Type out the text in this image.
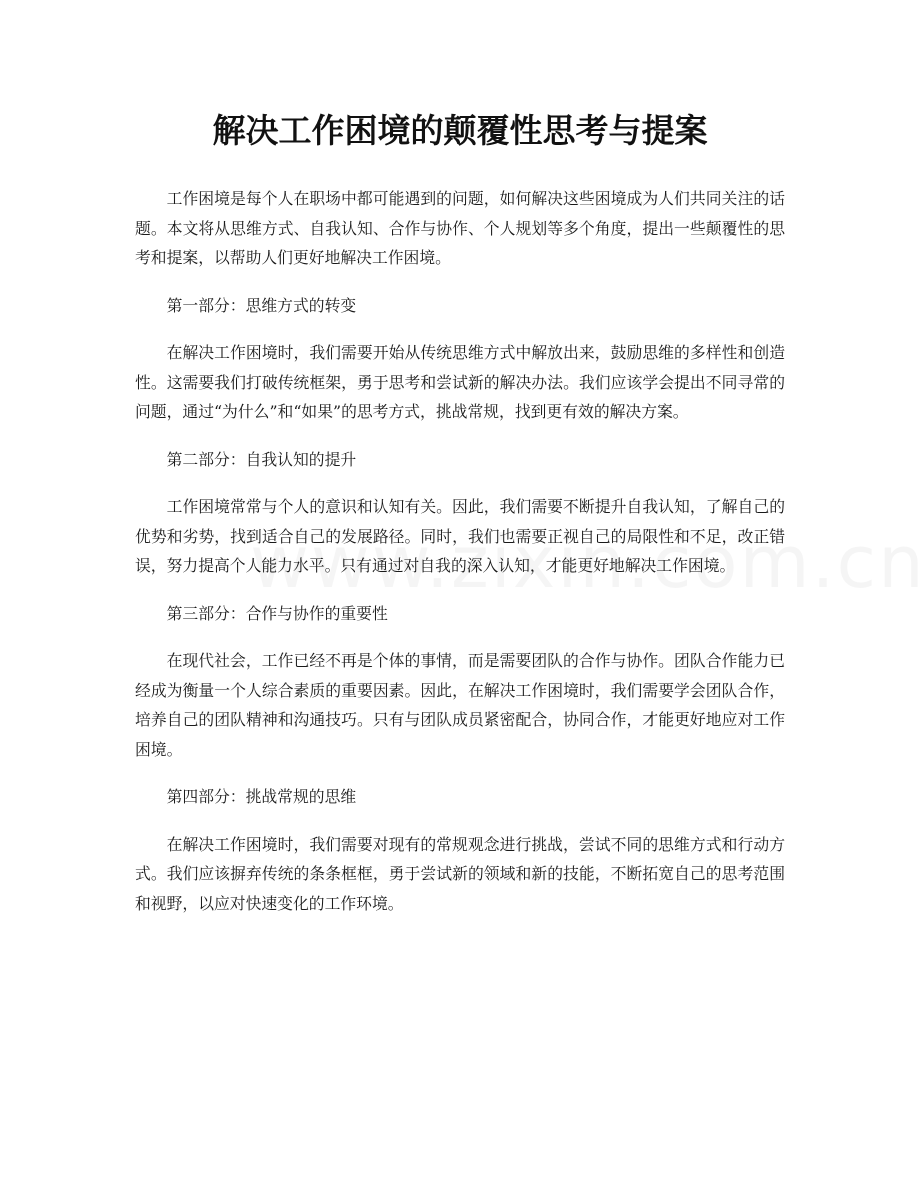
解决工作困境的颠覆性思考与提案

工作困境是每个人在职场中都可能遇到的问题，如何解决这些困境成为人们共同关注的话题。本文将从思维方式、自我认知、合作与协作、个人规划等多个角度，提出一些颠覆性的思考和提案，以帮助人们更好地解决工作困境。

第一部分：思维方式的转变

在解决工作困境时，我们需要开始从传统思维方式中解放出来，鼓励思维的多样性和创造性。这需要我们打破传统框架，勇于思考和尝试新的解决办法。我们应该学会提出不同寻常的问题，通过“为什么”和“如果”的思考方式，挑战常规，找到更有效的解决方案。

第二部分：自我认知的提升

工作困境常常与个人的意识和认知有关。因此，我们需要不断提升自我认知，了解自己的优势和劣势，找到适合自己的发展路径。同时，我们也需要正视自己的局限性和不足，改正错误，努力提高个人能力水平。只有通过对自我的深入认知，才能更好地解决工作困境。

第三部分：合作与协作的重要性

在现代社会，工作已经不再是个体的事情，而是需要团队的合作与协作。团队合作能力已经成为衡量一个人综合素质的重要因素。因此，在解决工作困境时，我们需要学会团队合作，培养自己的团队精神和沟通技巧。只有与团队成员紧密配合，协同合作，才能更好地应对工作困境。

第四部分：挑战常规的思维

在解决工作困境时，我们需要对现有的常规观念进行挑战，尝试不同的思维方式和行动方式。我们应该摒弃传统的条条框框，勇于尝试新的领域和新的技能，不断拓宽自己的思考范围和视野，以应对快速变化的工作环境。
